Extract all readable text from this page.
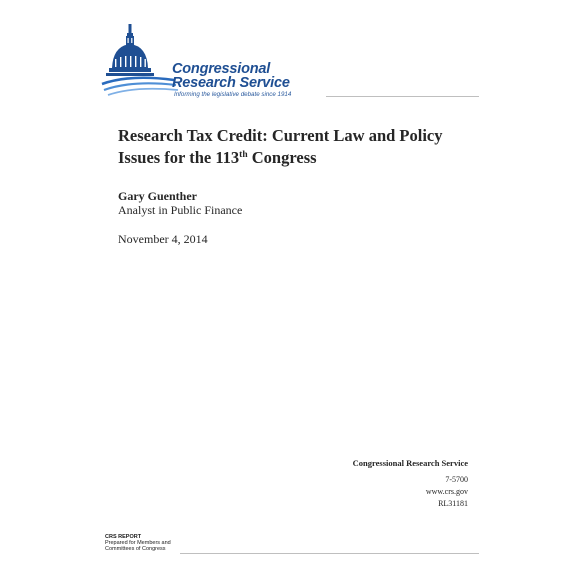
Congressional
Research Service
Informing the legislative debate since 1914
Research Tax Credit: Current Law and Policy Issues for the 113th Congress
Gary Guenther
Analyst in Public Finance
November 4, 2014
Congressional Research Service
7-5700
www.crs.gov
RL31181
CRS REPORT
Prepared for Members and
Committees of Congress
